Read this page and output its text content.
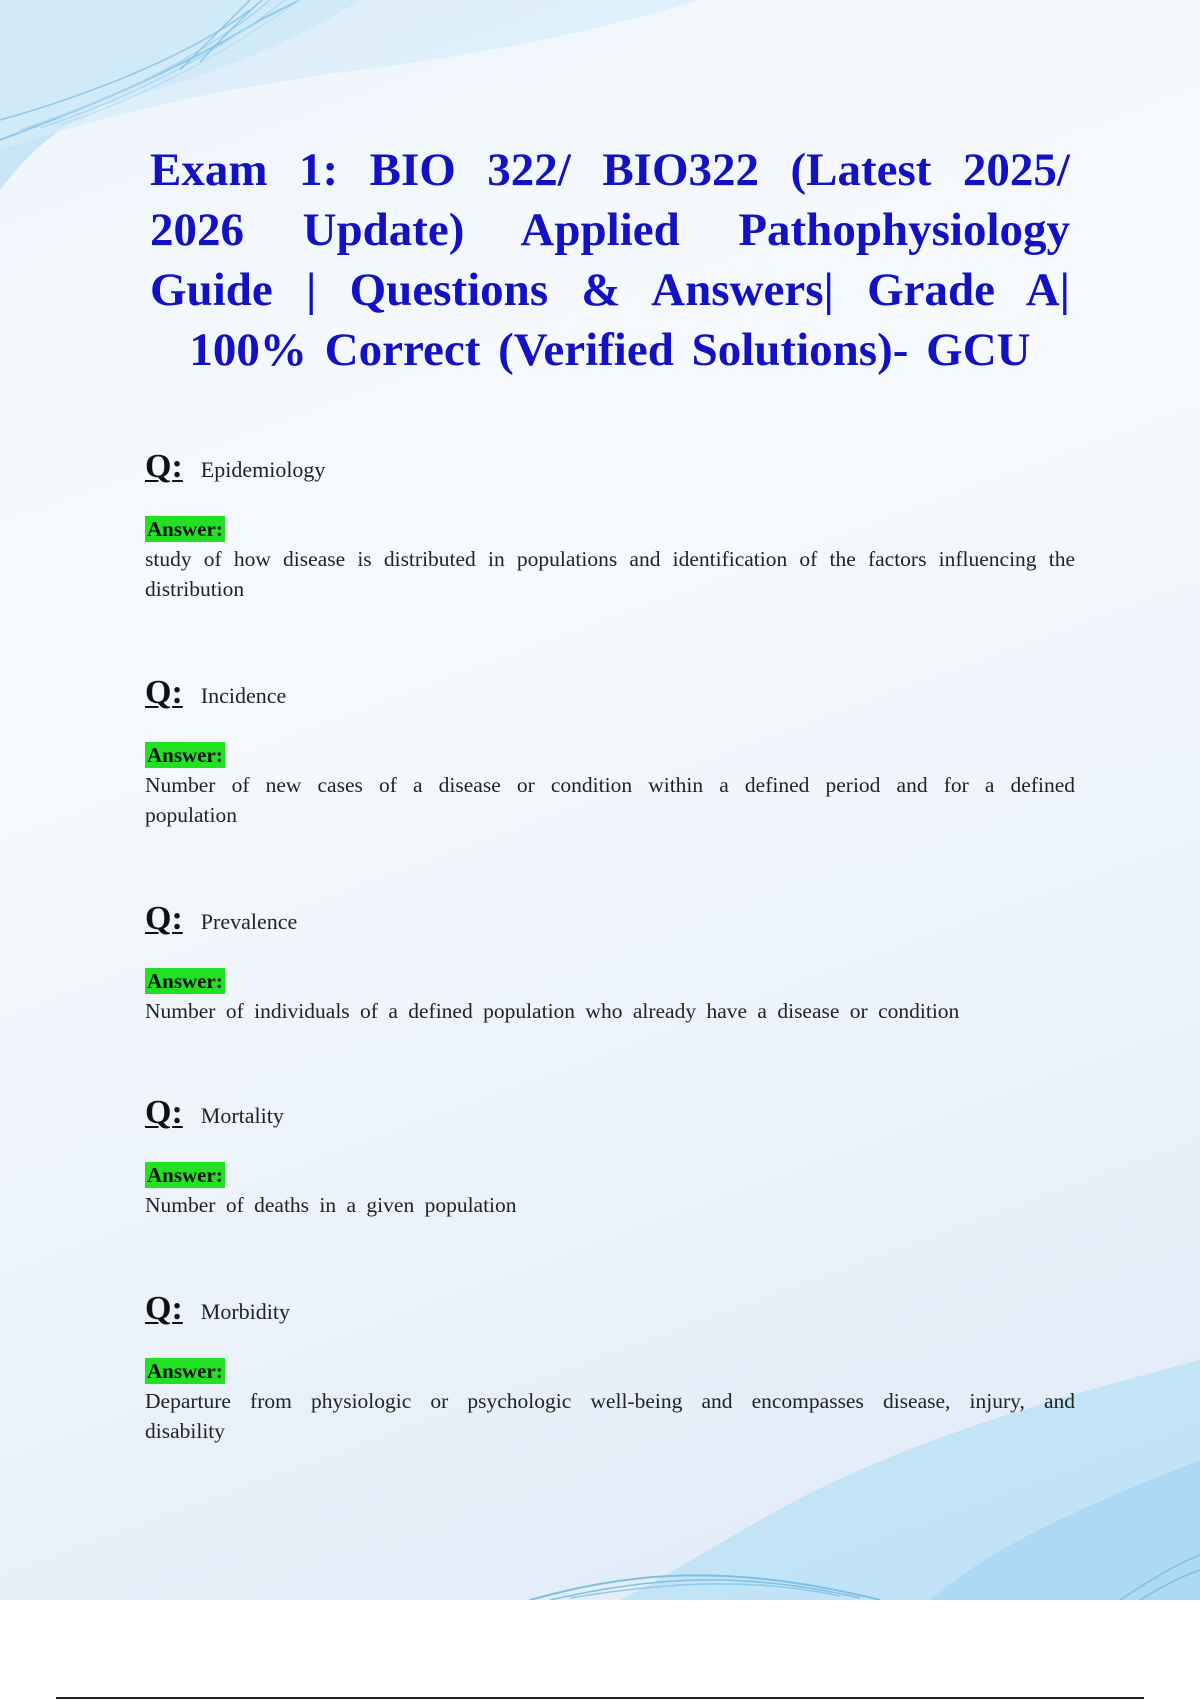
Exam 1: BIO 322/ BIO322 (Latest 2025/ 2026 Update) Applied Pathophysiology Guide | Questions & Answers| Grade A| 100% Correct (Verified Solutions)- GCU
Q: Epidemiology
Answer:

study of how disease is distributed in populations and identification of the factors influencing the distribution

Q: Incidence
Answer:

Number of new cases of a disease or condition within a defined period and for a defined population

Q: Prevalence
Answer:

Number of individuals of a defined population who already have a disease or condition

Q: Mortality
Answer:

Number of deaths in a given population

Q: Morbidity
Answer:

Departure from physiologic or psychologic well-being and encompasses disease, injury, and disability
